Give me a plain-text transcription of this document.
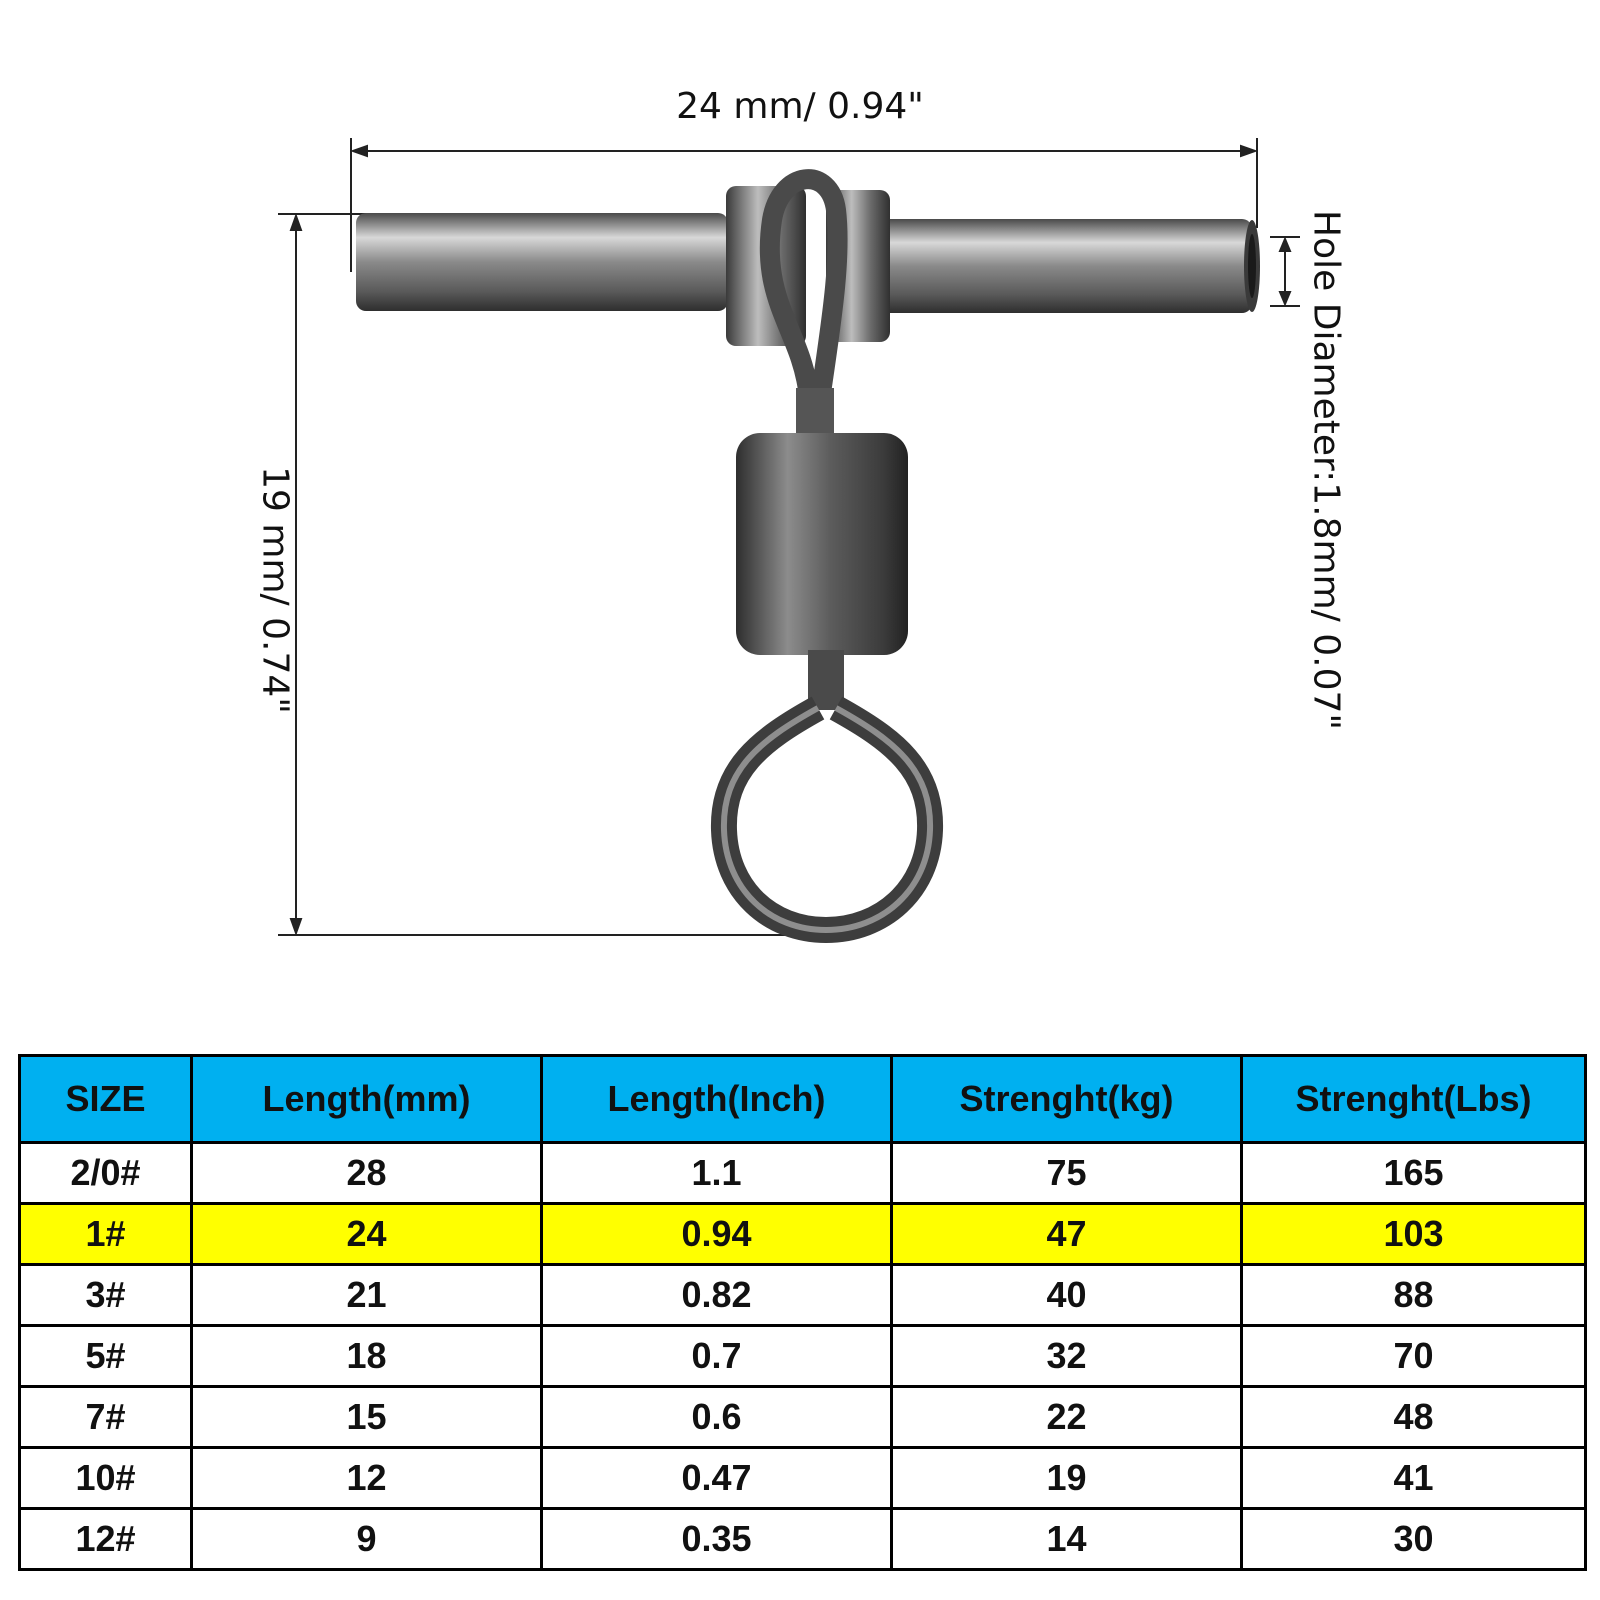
24 mm/ 0.94"
19 mm/ 0.74"	Hole Diameter:1.8mm/ 0.07"
SIZE	Length(mm)	Length(Inch)	Strenght(kg)	Strenght(Lbs)
2/0#	28	1.1	75	165
1#	24	0.94	47	103
3#	21	0.82	40	88
5#	18	0.7	32	70
7#	15	0.6	22	48
10#	12	0.47	19	41
12#	9	0.35	14	30
